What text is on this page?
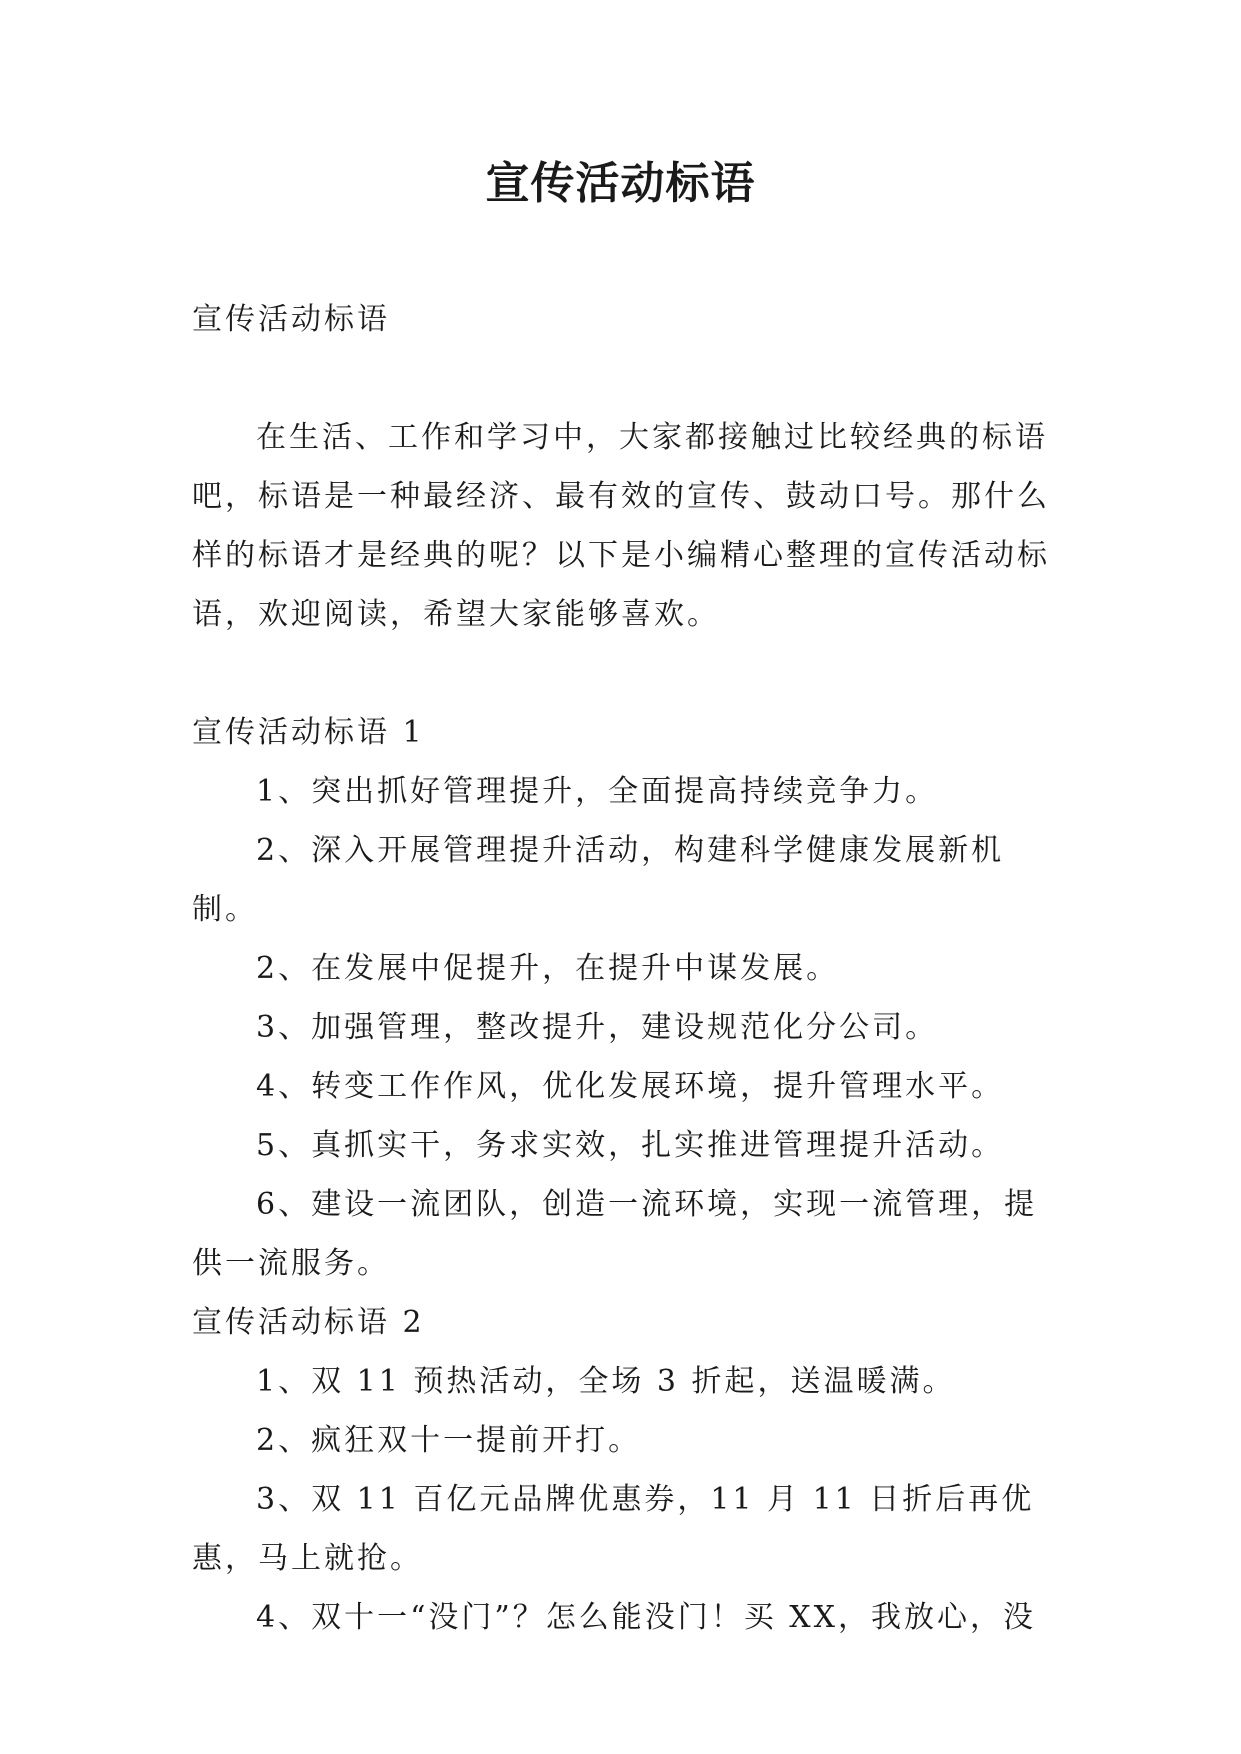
宣传活动标语

宣传活动标语

在生活、工作和学习中，大家都接触过比较经典的标语吧，标语是一种最经济、最有效的宣传、鼓动口号。那什么样的标语才是经典的呢？以下是小编精心整理的宣传活动标语，欢迎阅读，希望大家能够喜欢。

宣传活动标语 1

1、突出抓好管理提升，全面提高持续竞争力。

2、深入开展管理提升活动，构建科学健康发展新机制。

2、在发展中促提升，在提升中谋发展。

3、加强管理，整改提升，建设规范化分公司。

4、转变工作作风，优化发展环境，提升管理水平。

5、真抓实干，务求实效，扎实推进管理提升活动。

6、建设一流团队，创造一流环境，实现一流管理，提供一流服务。

宣传活动标语 2

1、双 11 预热活动，全场 3 折起，送温暖满。

2、疯狂双十一提前开打。

3、双 11 百亿元品牌优惠券，11 月 11 日折后再优惠，马上就抢。

4、双十一“没门”？怎么能没门！买 XX，我放心，没
